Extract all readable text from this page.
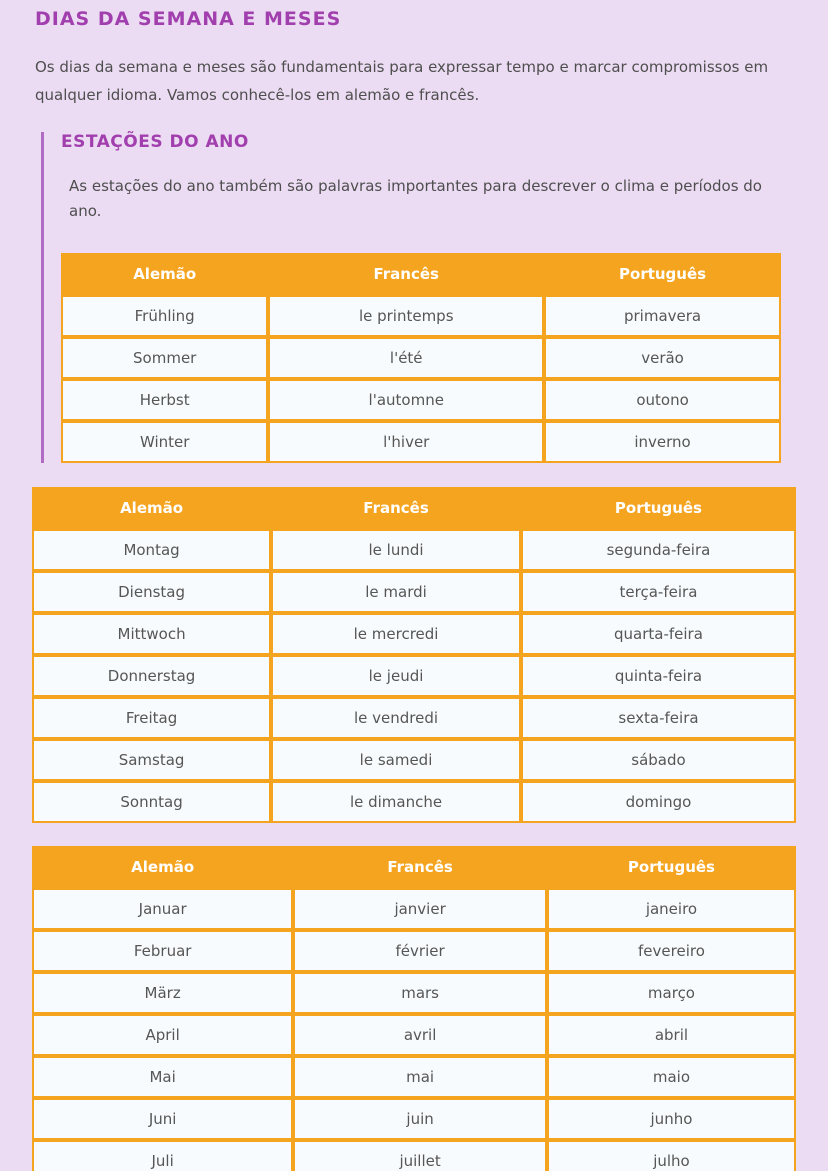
DIAS DA SEMANA E MESES

Os dias da semana e meses são fundamentais para expressar tempo e marcar compromissos em qualquer idioma. Vamos conhecê-los em alemão e francês.

ESTAÇÕES DO ANO

As estações do ano também são palavras importantes para descrever o clima e períodos do ano.

Alemão	Francês	Português
Frühling	le printemps	primavera
Sommer	l'été	verão
Herbst	l'automne	outono
Winter	l'hiver	inverno
Alemão	Francês	Português
Montag	le lundi	segunda-feira
Dienstag	le mardi	terça-feira
Mittwoch	le mercredi	quarta-feira
Donnerstag	le jeudi	quinta-feira
Freitag	le vendredi	sexta-feira
Samstag	le samedi	sábado
Sonntag	le dimanche	domingo
Alemão	Francês	Português
Januar	janvier	janeiro
Februar	février	fevereiro
März	mars	março
April	avril	abril
Mai	mai	maio
Juni	juin	junho
Juli	juillet	julho
